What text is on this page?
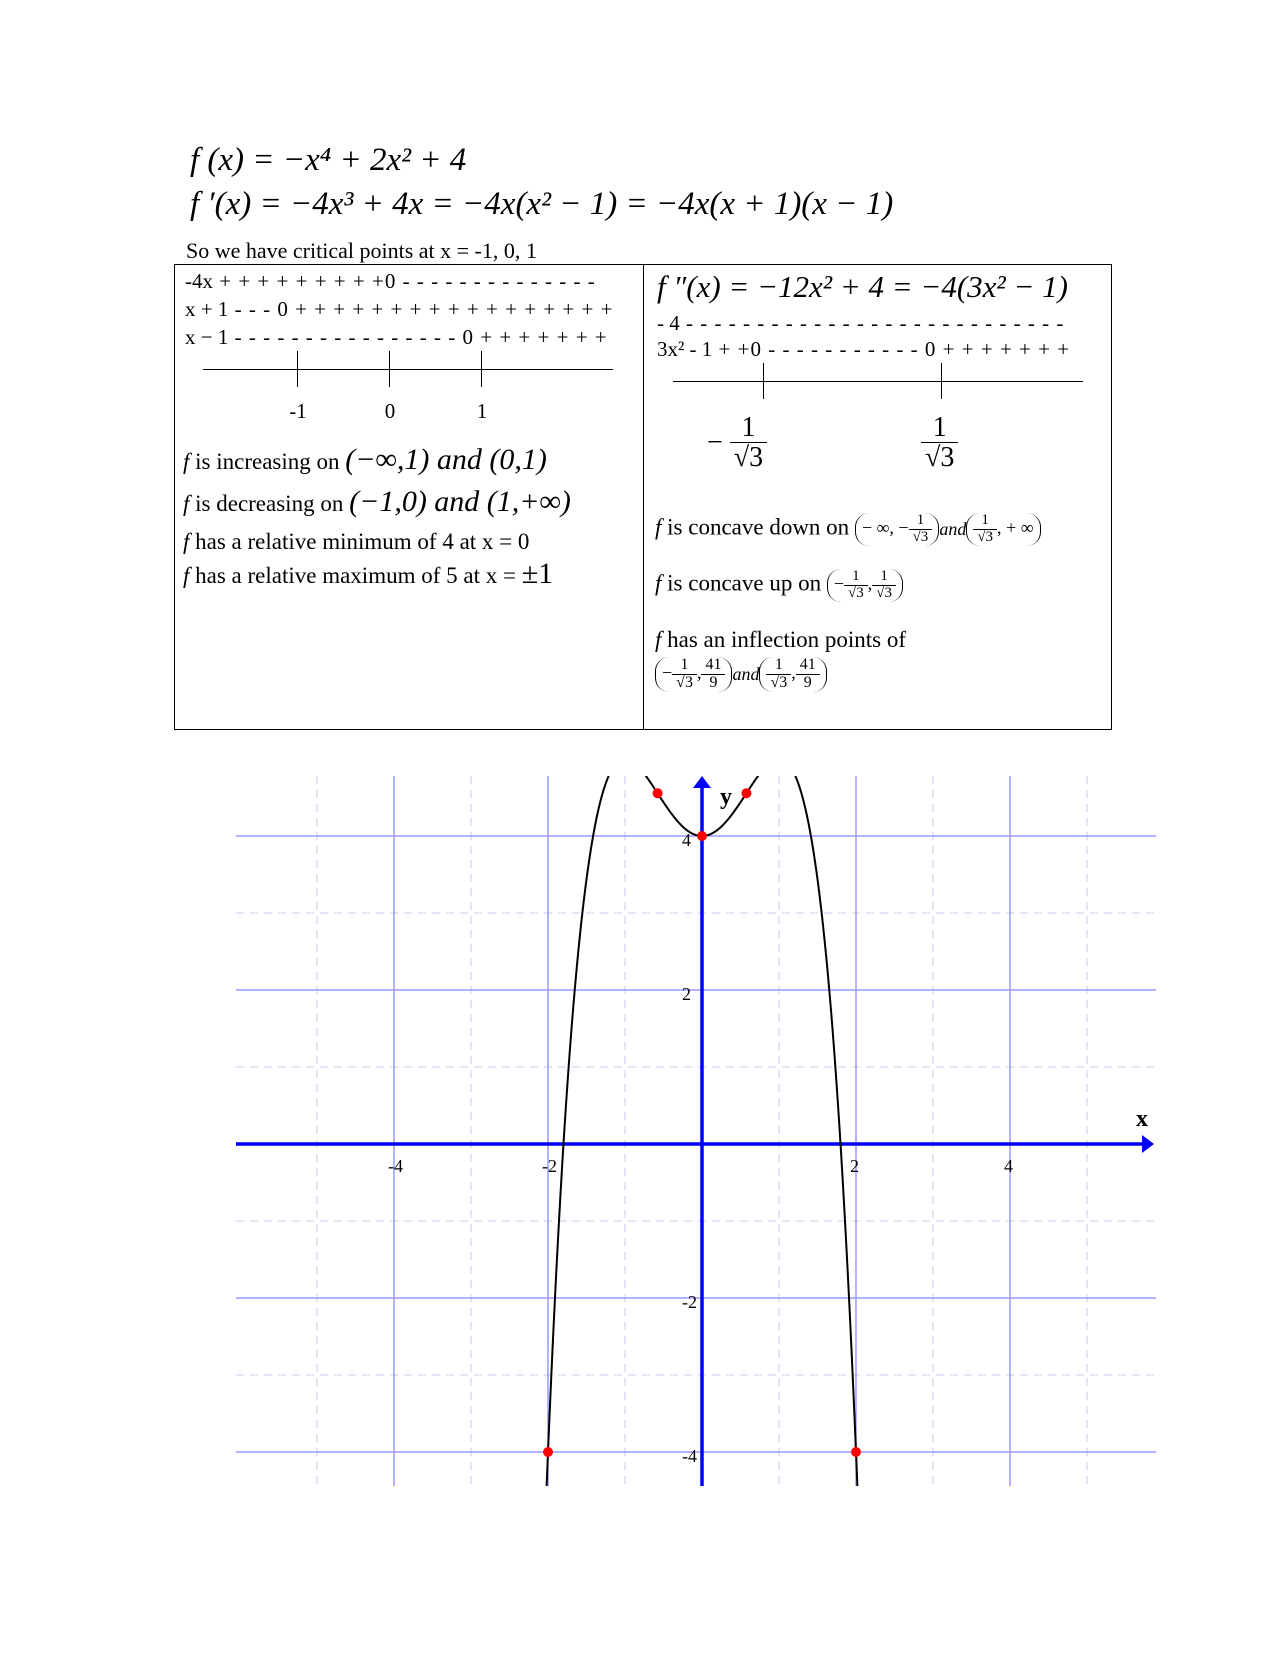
f (x) = −x⁴ + 2x² + 4
f ′(x) = −4x³ + 4x = −4x(x² − 1) = −4x(x + 1)(x − 1)
So we have critical points at x = -1, 0, 1
-4x + + + + + + + + +0 - - - - - - - - - - - - - -
x + 1 - - - 0 + + + + + + + + + + + + + + + + +
x − 1 - - - - - - - - - - - - - - - - 0 + + + + + + +
-1	0	1
f is increasing on (−∞,1) and (0,1)
f is decreasing on (−1,0) and (1,+∞)
f has a relative minimum of 4 at x = 0
f has a relative maximum of 5 at x = ±1
f ″(x) = −12x² + 4 = −4(3x² − 1)
- 4 - - - - - - - - - - - - - - - - - - - - - - - - - - -
3x² - 1 + +0 - - - - - - - - - - - 0 + + + + + + +
− $\frac{1}{√3}$	$\frac{1}{√3}$
f is concave down on − ∞, − $\frac{1}{√3}$ and $\frac{1}{√3}$ , + ∞
f is concave up on − $\frac{1}{√3}$ , $\frac{1}{√3}$
f has an inflection points of
− $\frac{1}{√3}$ , $\frac{41}{9}$ and $\frac{1}{√3}$ , $\frac{41}{9}$
x
y
-4	-2	2	4
4
2
-2
-4
